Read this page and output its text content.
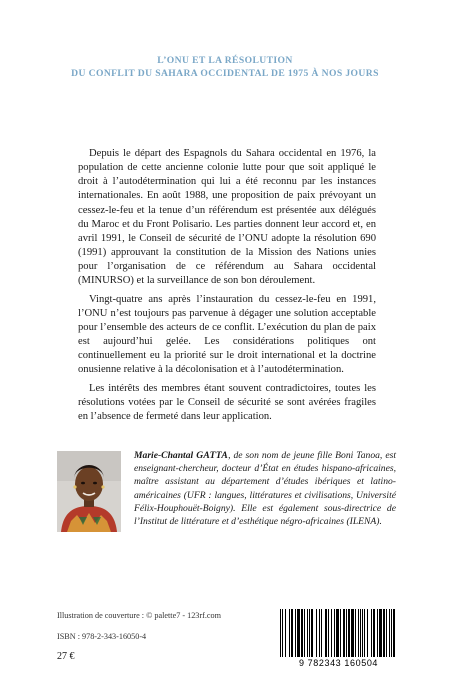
L’ONU ET LA RÉSOLUTION
DU CONFLIT DU SAHARA OCCIDENTAL DE 1975 À NOS JOURS

Depuis le départ des Espagnols du Sahara occidental en 1976, la population de cette ancienne colonie lutte pour que soit appliqué le droit à l’autodétermination qui lui a été reconnu par les instances internationales. En août 1988, une proposition de paix prévoyant un cessez-le-feu et la tenue d’un référendum est présentée aux délégués du Maroc et du Front Polisario. Les parties donnent leur accord et, en avril 1991, le Conseil de sécurité de l’ONU adopte la résolution 690 (1991) approuvant la constitution de la Mission des Nations unies pour l’organisation de ce référendum au Sahara occidental (MINURSO) et la surveillance de son bon déroulement.

Vingt-quatre ans après l’instauration du cessez-le-feu en 1991, l’ONU n’est toujours pas parvenue à dégager une solution acceptable pour l’ensemble des acteurs de ce conflit. L’exécution du plan de paix est aujourd’hui gelée. Les considérations politiques ont continuellement eu la priorité sur le droit international et la doctrine onusienne relative à la décolonisation et à l’autodétermination.

Les intérêts des membres étant souvent contradictoires, toutes les résolutions votées par le Conseil de sécurité se sont avérées fragiles en l’absence de fermeté dans leur application.

Marie-Chantal GATTA, de son nom de jeune fille Boni Tanoa, est enseignant-chercheur, docteur d’État en études hispano-africaines, maître assistant au département d’études ibériques et latino-américaines (UFR : langues, littératures et civilisations, Université Félix-Houphouët-Boigny). Elle est également sous-directrice de l’Institut de littérature et d’esthétique négro-africaines (ILENA).
Illustration de couverture : © palette7 - 123rf.com
ISBN : 978-2-343-16050-4
27 €
9 782343 160504
